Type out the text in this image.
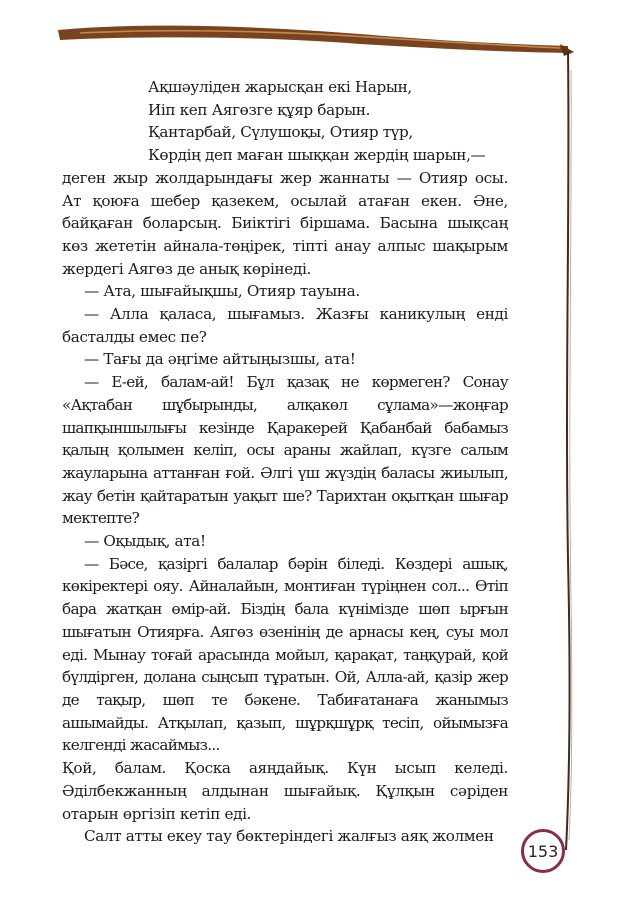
Ақшәуліден жарысқан екі Нарын,

Иіп кеп Аягөзге құяр барын.

Қантарбай, Сүлушоқы, Отияр түр,

Көрдің деп маған шыққан жердің шарын,—

деген жыр жолдарындағы жер жаннаты — Отияр осы. Ат қоюға шебер қазекем, осылай атаған екен. Әне, байқаған боларсың. Биіктігі біршама. Басына шықсаң көз жететін айнала-төңірек, тіпті анау алпыс шақырым жердегі Аягөз де анық көрінеді.

— Ата, шығайықшы, Отияр тауына.

— Алла қаласа, шығамыз. Жазғы каникулың енді басталды емес пе?

— Тағы да әңгіме айтыңызшы, ата!

— Е-ей, балам-ай! Бұл қазақ не көрмеген? Сонау «Ақтабан шұбырынды, алқакөл сұлама»—жоңғар шапқыншылығы кезінде Қаракерей Қабанбай бабамыз қалың қолымен келіп, осы араны жайлап, күзге салым жауларына аттанған ғой. Әлгі үш жүздің баласы жиылып, жау бетін қайтаратын уақыт ше? Тарихтан оқытқан шығар мектепте?

— Оқыдық, ата!

— Бәсе, қазіргі балалар бәрін біледі. Көздері ашық, көкіректері ояу. Айналайын, монтиған түріңнен сол... Өтіп бара жатқан өмір-ай. Біздің бала күнімізде шөп ырғын шығатын Отиярға. Аягөз өзенінің де арнасы кең, суы мол еді. Мынау тоғай арасында мойыл, қарақат, таңқурай, қой бүлдірген, долана сыңсып тұратын. Ой, Алла-ай, қазір жер де тақыр, шөп те бәкене. Табиғатанаға жанымыз ашымайды. Атқылап, қазып, шұрқшұрқ тесіп, ойымызға келгенді жасаймыз...

Қой, балам. Қоска аяңдайық. Күн ысып келеді. Әділбекжанның алдынан шығайық. Құлқын сәріден отарын өргізіп кетіп еді.

Салт атты екеу тау бөктеріндегі жалғыз аяқ жолмен

153
